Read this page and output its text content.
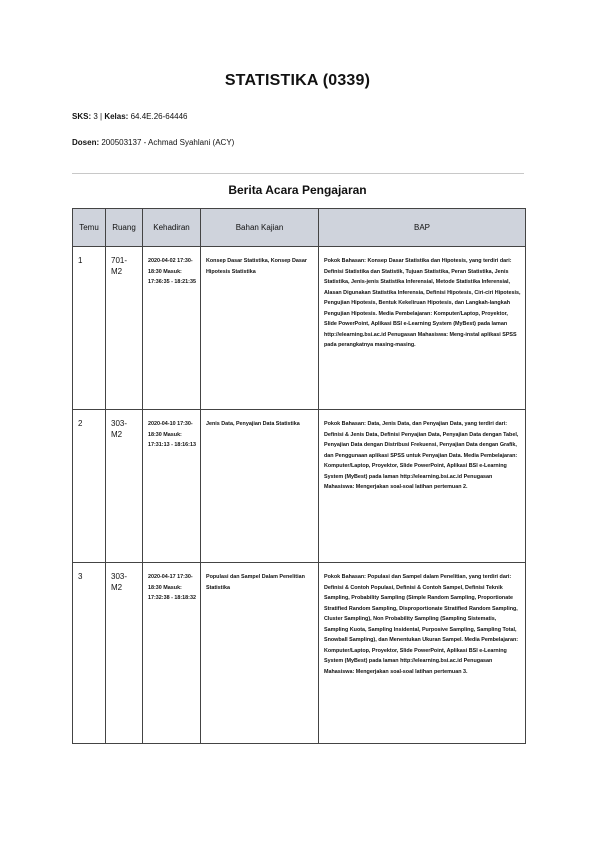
STATISTIKA (0339)
SKS: 3 | Kelas: 64.4E.26-64446
Dosen: 200503137 - Achmad Syahlani (ACY)
Berita Acara Pengajaran
Temu	Ruang	Kehadiran	Bahan Kajian	BAP
1	701-M2	2020-04-02 17:30-18:30 Masuk: 17:36:35 - 18:21:35	Konsep Dasar Statistika, Konsep Dasar Hipotesis Statistika	Pokok Bahasan: Konsep Dasar Statistika dan Hipotesis, yang terdiri dari: Definisi Statistika dan Statistik, Tujuan Statistika, Peran Statistika, Jenis Statistika, Jenis-jenis Statistika Inferensial, Metode Statistika Inferensial, Alasan Digunakan Statistika Inferensia, Definisi Hipotesis, Ciri-ciri Hipotesis, Pengujian Hipotesis, Bentuk Kekeliruan Hipotesis, dan Langkah-langkah Pengujian Hipotesis. Media Pembelajaran: Komputer/Laptop, Proyektor, Slide PowerPoint, Aplikasi BSI e-Learning System (MyBest) pada laman http://elearning.bsi.ac.id Penugasan Mahasiswa: Meng-instal aplikasi SPSS pada perangkatnya masing-masing.
2	303-M2	2020-04-10 17:30-18:30 Masuk: 17:31:13 - 18:16:13	Jenis Data, Penyajian Data Statistika	Pokok Bahasan: Data, Jenis Data, dan Penyajian Data, yang terdiri dari: Definisi & Jenis Data, Definisi Penyajian Data, Penyajian Data dengan Tabel, Penyajian Data dengan Distribusi Frekuensi, Penyajian Data dengan Grafik, dan Penggunaan aplikasi SPSS untuk Penyajian Data. Media Pembelajaran: Komputer/Laptop, Proyektor, Slide PowerPoint, Aplikasi BSI e-Learning System (MyBest) pada laman http://elearning.bsi.ac.id Penugasan Mahasiswa: Mengerjakan soal-soal latihan pertemuan 2.
3	303-M2	2020-04-17 17:30-18:30 Masuk: 17:32:38 - 18:18:32	Populasi dan Sampel Dalam Penelitian Statistika	Pokok Bahasan: Populasi dan Sampel dalam Penelitian, yang terdiri dari: Definisi & Contoh Populasi, Definisi & Contoh Sampel, Definisi Teknik Sampling, Probability Sampling (Simple Random Sampling, Proportionate Stratified Random Sampling, Disproportionate Stratified Random Sampling, Cluster Sampling), Non Probability Sampling (Sampling Sistematis, Sampling Kuota, Sampling Insidental, Purposive Sampling, Sampling Total, Snowball Sampling), dan Menentukan Ukuran Sampel. Media Pembelajaran: Komputer/Laptop, Proyektor, Slide PowerPoint, Aplikasi BSI e-Learning System (MyBest) pada laman http://elearning.bsi.ac.id Penugasan Mahasiswa: Mengerjakan soal-soal latihan pertemuan 3.
